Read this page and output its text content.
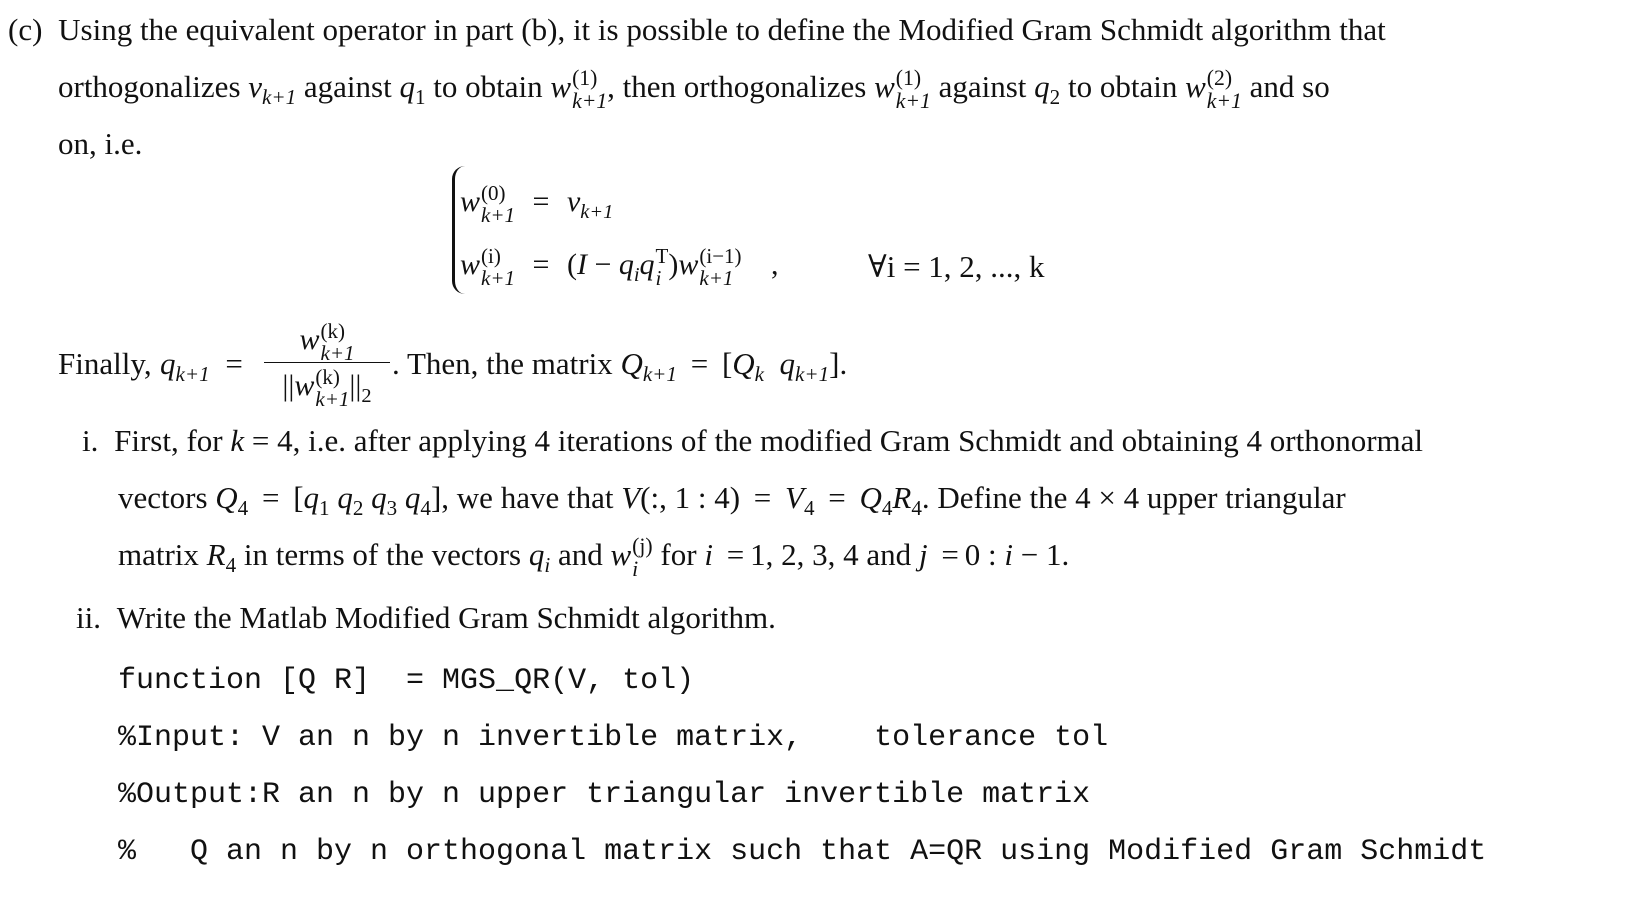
(c) Using the equivalent operator in part (b), it is possible to define the Modified Gram Schmidt algorithm that
orthogonalizes $v_{k+1}$ against $q_1$ to obtain w (1)
k+1 , then orthogonalizes w (1)
k+1 against $q_2$ to obtain w (2)
k+1 and so
on, i.e.
w (0)
$k+1 = v_{k+1}$
w (i)
$k+1 = (I - q_iq$ T
i )w (i−1)
k+1 ,	∀i = 1, 2, ..., k
Finally, $q_{k+1}$ =
w (k)
k+1
||w (k)
k+1 $||_2$
. Then, the matrix $Q_{k+1} = [Q_k$ $q_{k+1}$].
i. First, for k = 4, i.e. after applying 4 iterations of the modified Gram Schmidt and obtaining 4 orthonormal
vectors $Q_4 = [q_1$ $q_2$ $q_3$ $q_4$], we have that V(:, 1 : $4) = V_4 = Q_4R_4$. Define the 4 × 4 upper triangular
matrix $R_4$ in terms of the vectors $q_i$ and w (j)
i for i = 1, 2, 3, 4 and j = 0 : i − 1.
ii. Write the Matlab Modified Gram Schmidt algorithm.
function [Q R]  = MGS_QR(V, tol)
%Input: V an n by n invertible matrix,    tolerance tol
%Output:R an n by n upper triangular invertible matrix
%   Q an n by n orthogonal matrix such that A=QR using Modified Gram Schmidt
